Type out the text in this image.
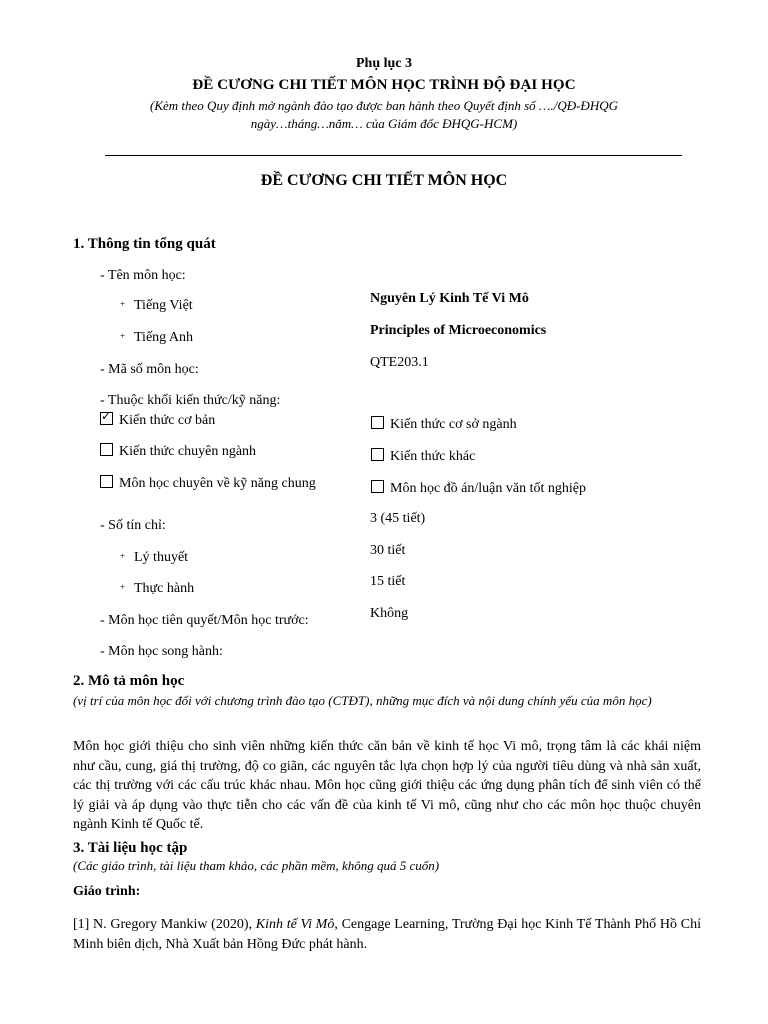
Phụ lục 3
ĐỀ CƯƠNG CHI TIẾT MÔN HỌC TRÌNH ĐỘ ĐẠI HỌC
(Kèm theo Quy định mở ngành đào tạo được ban hành theo Quyết định số …./QĐ-ĐHQG
ngày…tháng…năm… của Giám đốc ĐHQG-HCM)
ĐỀ CƯƠNG CHI TIẾT MÔN HỌC
1. Thông tin tổng quát
- Tên môn học:
+ Tiếng Việt	Nguyên Lý Kinh Tế Vi Mô
+ Tiếng Anh	Principles of Microeconomics
- Mã số môn học:	QTE203.1
- Thuộc khối kiến thức/kỹ năng:
✓Kiến thức cơ bản	Kiến thức cơ sở ngành
Kiến thức chuyên ngành	Kiến thức khác
Môn học chuyên về kỹ năng chung	Môn học đồ án/luận văn tốt nghiệp
- Số tín chỉ:	3 (45 tiết)
+ Lý thuyết	30 tiết
+ Thực hành	15 tiết
- Môn học tiên quyết/Môn học trước:	Không
- Môn học song hành:
2. Mô tả môn học
(vị trí của môn học đối với chương trình đào tạo (CTĐT), những mục đích và nội dung chính yếu của môn học)
Môn học giới thiệu cho sinh viên những kiến thức căn bản về kinh tế học Vi mô, trọng tâm là các khái niệm như cầu, cung, giá thị trường, độ co giãn, các nguyên tắc lựa chọn hợp lý của người tiêu dùng và nhà sản xuất, các thị trường với các cấu trúc khác nhau. Môn học cũng giới thiệu các ứng dụng phân tích để sinh viên có thể lý giải và áp dụng vào thực tiễn cho các vấn đề của kinh tế Vi mô, cũng như cho các môn học thuộc chuyên ngành Kinh tế Quốc tế.
3. Tài liệu học tập
(Các giáo trình, tài liệu tham khảo, các phần mềm, không quá 5 cuốn)
Giáo trình:
[1] N. Gregory Mankiw (2020), Kinh tế Vi Mô, Cengage Learning, Trường Đại học Kinh Tế Thành Phố Hồ Chí Minh biên dịch, Nhà Xuất bản Hồng Đức phát hành.
